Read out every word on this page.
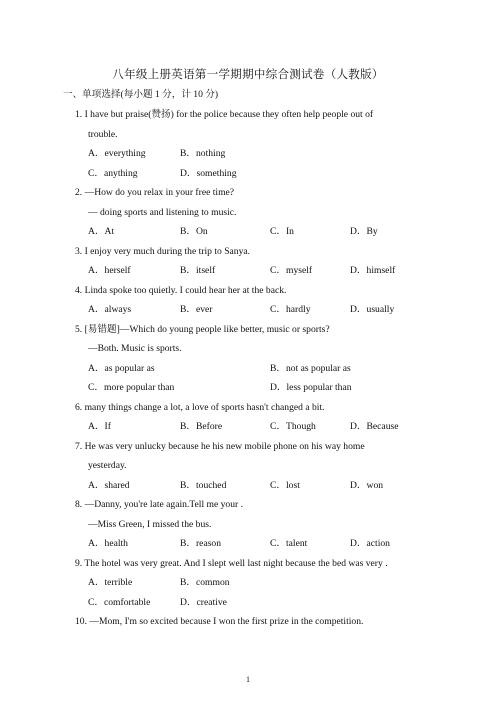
八年级上册英语第一学期期中综合测试卷（人教版）
一、单项选择(每小题 1 分，计 10 分)
1. I have but praise(赞扬) for the police because they often help people out of
trouble.
A．everything	B．nothing
C．anything	D．something
2. —How do you relax in your free time?
— doing sports and listening to music.
A．At	B．On	C．In	D．By
3. I enjoy very much during the trip to Sanya.
A．herself	B．itself	C．myself	D．himself
4. Linda spoke too quietly. I could hear her at the back.
A．always	B．ever	C．hardly	D．usually
5. [易错题]—Which do young people like better, music or sports?
—Both. Music is sports.
A．as popular as	B．not as popular as
C．more popular than	D．less popular than
6. many things change a lot, a love of sports hasn't changed a bit.
A．If	B．Before	C．Though	D．Because
7. He was very unlucky because he his new mobile phone on his way home
yesterday.
A．shared	B．touched	C．lost	D．won
8. —Danny, you're late again.Tell me your .
—Miss Green, I missed the bus.
A．health	B．reason	C．talent	D．action
9. The hotel was very great. And I slept well last night because the bed was very .
A．terrible	B．common
C．comfortable	D．creative
10. —Mom, I'm so excited because I won the first prize in the competition.
1
